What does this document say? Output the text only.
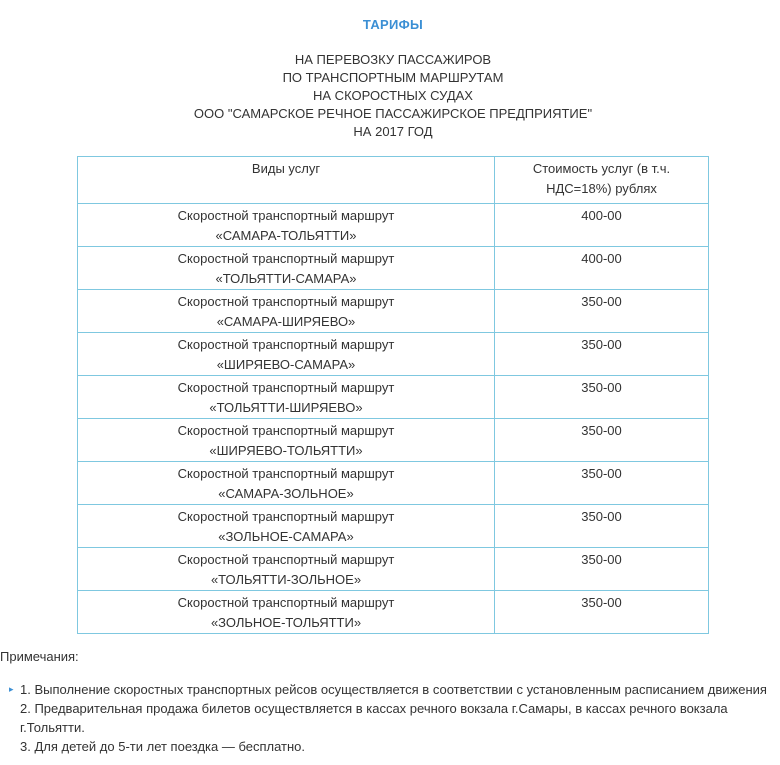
ТАРИФЫ
НА ПЕРЕВОЗКУ ПАССАЖИРОВ
ПО ТРАНСПОРТНЫМ МАРШРУТАМ
НА СКОРОСТНЫХ СУДАХ
ООО "САМАРСКОЕ РЕЧНОЕ ПАССАЖИРСКОЕ ПРЕДПРИЯТИЕ"
НА 2017 ГОД
Виды услуг	Стоимость услуг (в т.ч. НДС=18%) рублях

Скоростной транспортный маршрут
«САМАРА-ТОЛЬЯТТИ»	400-00

Скоростной транспортный маршрут
«ТОЛЬЯТТИ-САМАРА»	400-00

Скоростной транспортный маршрут
«САМАРА-ШИРЯЕВО»	350-00

Скоростной транспортный маршрут
«ШИРЯЕВО-САМАРА»	350-00

Скоростной транспортный маршрут
«ТОЛЬЯТТИ-ШИРЯЕВО»	350-00

Скоростной транспортный маршрут
«ШИРЯЕВО-ТОЛЬЯТТИ»	350-00

Скоростной транспортный маршрут
«САМАРА-ЗОЛЬНОЕ»	350-00

Скоростной транспортный маршрут
«ЗОЛЬНОЕ-САМАРА»	350-00

Скоростной транспортный маршрут
«ТОЛЬЯТТИ-ЗОЛЬНОЕ»	350-00

Скоростной транспортный маршрут
«ЗОЛЬНОЕ-ТОЛЬЯТТИ»	350-00
Примечания:
▸ 1. Выполнение скоростных транспортных рейсов осуществляется в соответствии с установленным расписанием движения
2. Предварительная продажа билетов осуществляется в кассах речного вокзала г.Самары, в кассах речного вокзала г.Тольятти.
3. Для детей до 5-ти лет поездка — бесплатно.
